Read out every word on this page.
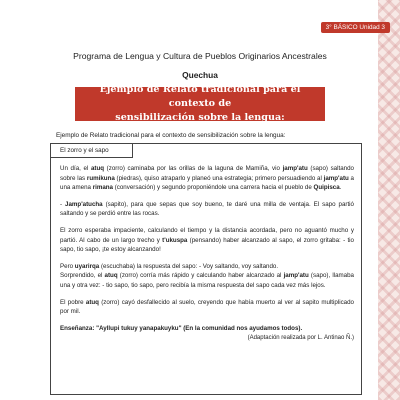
3° BÁSICO Unidad 3
Programa de Lengua y Cultura de Pueblos Originarios Ancestrales
Quechua
Ejemplo de Relato tradicional para el contexto de
sensibilización sobre la lengua:
Ejemplo de Relato tradicional para el contexto de sensibilización sobre la lengua:
El zorro y el sapo

Un día, el atuq (zorro) caminaba por las orillas de la laguna de Mamiña, vio jamp'atu (sapo) saltando sobre las rumikuna (piedras), quiso atraparlo y planeó una estrategia; primero persuadiendo al jamp'atu a una amena rimana (conversación) y segundo proponiéndole una carrera hacia el pueblo de Quipisca.

- Jamp'atucha (sapito), para que sepas que soy bueno, te daré una milla de ventaja. El sapo partió saltando y se perdió entre las rocas.

El zorro esperaba impaciente, calculando el tiempo y la distancia acordada, pero no aguantó mucho y partió. Al cabo de un largo trecho y t'ukuspa (pensando) haber alcanzado al sapo, el zorro gritaba: - tio sapo, tio sapo, ¡te estoy alcanzando!

Pero uyarirqa (escuchaba) la respuesta del sapo: - Voy saltando, voy saltando.

Sorprendido, el atuq (zorro) corría más rápido y calculando haber alcanzado al jamp'atu (sapo), llamaba una y otra vez: - tio sapo, tio sapo, pero recibía la misma respuesta del sapo cada vez más lejos.

El pobre atuq (zorro) cayó desfallecido al suelo, creyendo que había muerto al ver al sapito multiplicado por mil.

Enseñanza: "Ayllupi tukuy yanapakuyku" (En la comunidad nos ayudamos todos).

(Adaptación realizada por L. Antinao Ñ.)
